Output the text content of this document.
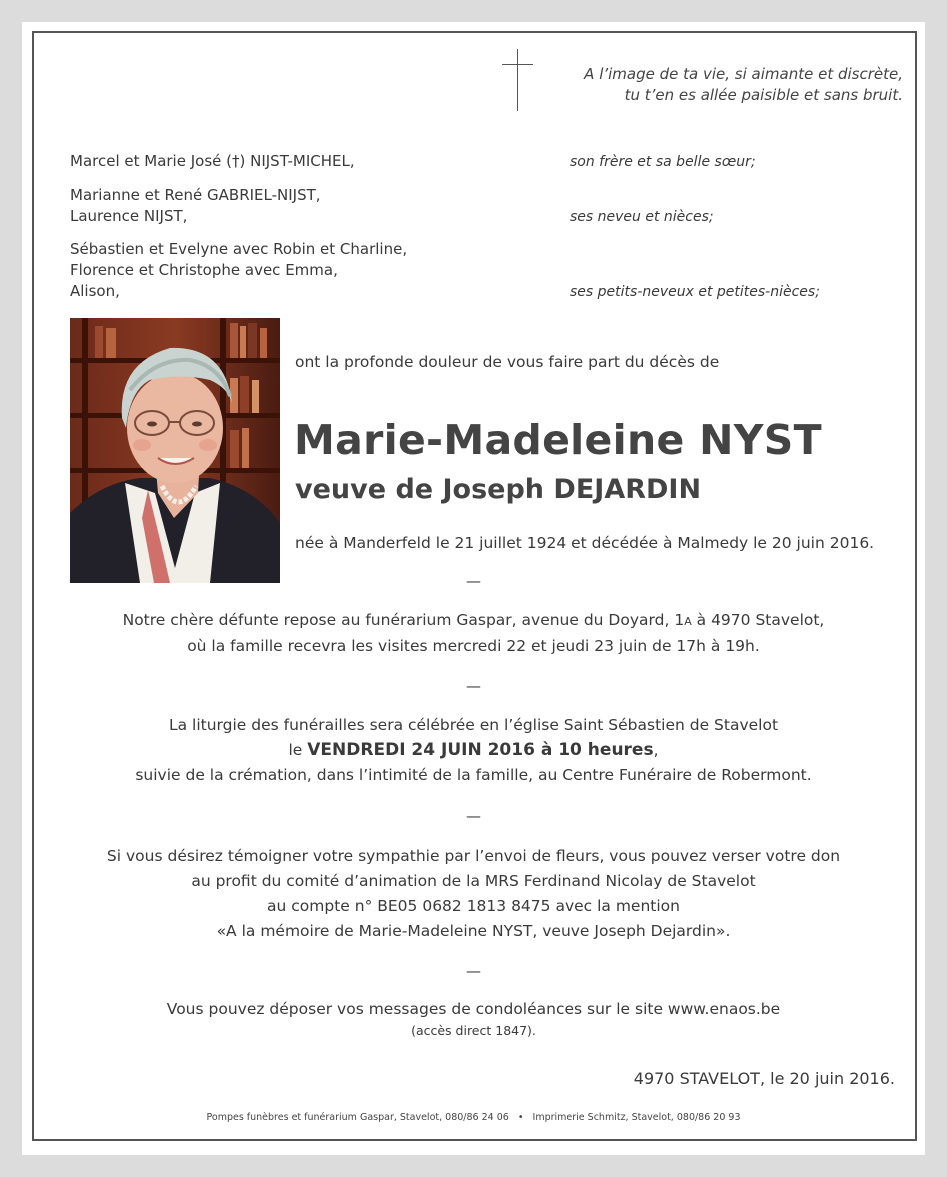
A l’image de ta vie, si aimante et discrète,
tu t’en es allée paisible et sans bruit.
Marcel et Marie José (†) NIJST-MICHEL,	son frère et sa belle sœur;
Marianne et René GABRIEL-NIJST,
Laurence NIJST,	ses neveu et nièces;
Sébastien et Evelyne avec Robin et Charline,
Florence et Christophe avec Emma,
Alison,	ses petits-neveux et petites-nièces;
ont la profonde douleur de vous faire part du décès de
Marie-Madeleine NYST
veuve de Joseph DEJARDIN
née à Manderfeld le 21 juillet 1924 et décédée à Malmedy le 20 juin 2016.
—
Notre chère défunte repose au funérarium Gaspar, avenue du Doyard, 1A à 4970 Stavelot,
où la famille recevra les visites mercredi 22 et jeudi 23 juin de 17h à 19h.
—
La liturgie des funérailles sera célébrée en l’église Saint Sébastien de Stavelot
le VENDREDI 24 JUIN 2016 à 10 heures,
suivie de la crémation, dans l’intimité de la famille, au Centre Funéraire de Robermont.
—
Si vous désirez témoigner votre sympathie par l’envoi de fleurs, vous pouvez verser votre don
au profit du comité d’animation de la MRS Ferdinand Nicolay de Stavelot
au compte n° BE05 0682 1813 8475 avec la mention
«A la mémoire de Marie-Madeleine NYST, veuve Joseph Dejardin».
—
Vous pouvez déposer vos messages de condoléances sur le site www.enaos.be
(accès direct 1847).
4970 STAVELOT, le 20 juin 2016.
Pompes funèbres et funérarium Gaspar, Stavelot, 080/86 24 06 • Imprimerie Schmitz, Stavelot, 080/86 20 93
